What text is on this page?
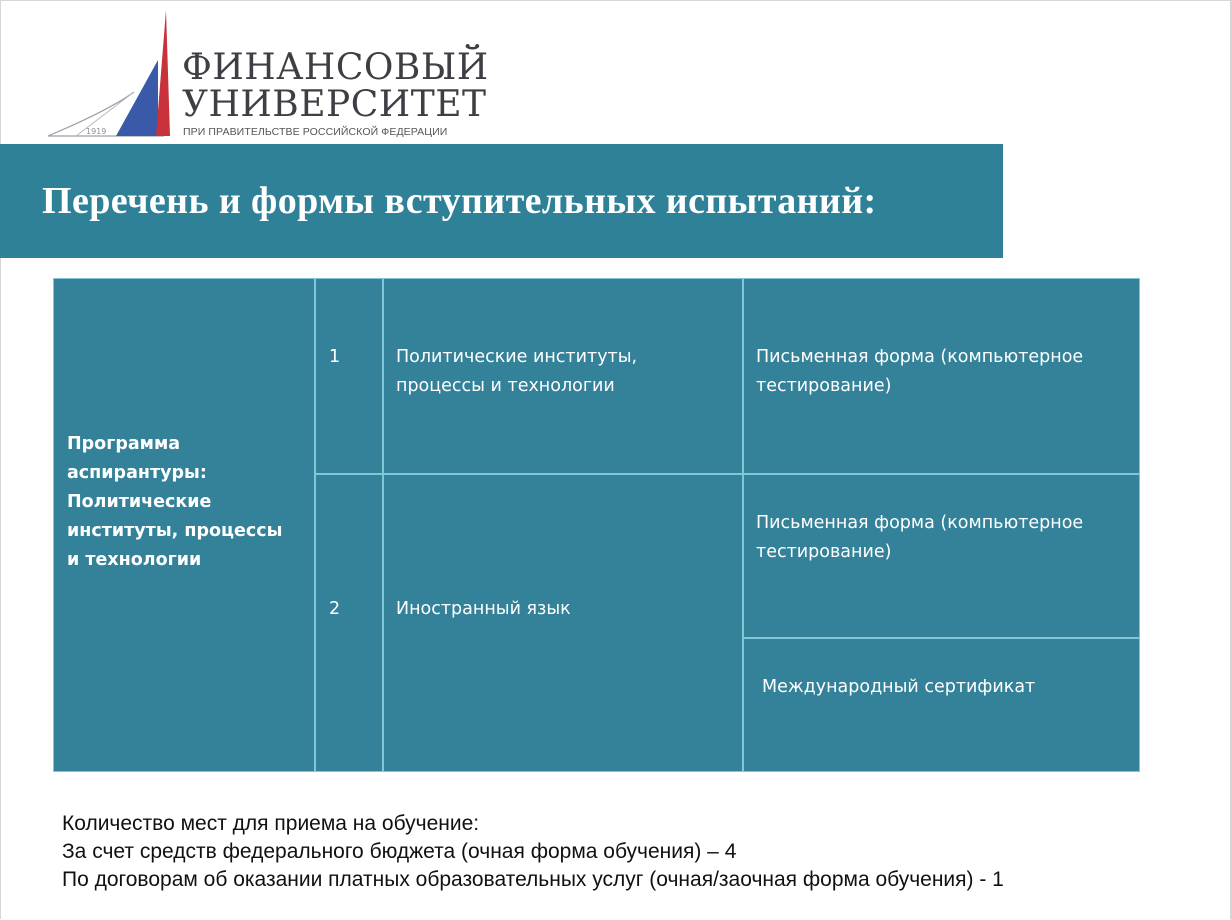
1919
ФИНАНСОВЫЙ
УНИВЕРСИТЕТ
ПРИ ПРАВИТЕЛЬСТВЕ РОССИЙСКОЙ ФЕДЕРАЦИИ
Перечень и формы вступительных испытаний:
Программа аспирантуры: Политические институты, процессы и технологии
1	Политические институты, процессы и технологии
Письменная форма (компьютерное тестирование)
2	Иностранный язык
Письменная форма (компьютерное тестирование)
Международный сертификат
Количество мест для приема на обучение:
За счет средств федерального бюджета (очная форма обучения) – 4
По договорам об оказании платных образовательных услуг (очная/заочная форма обучения) - 1
